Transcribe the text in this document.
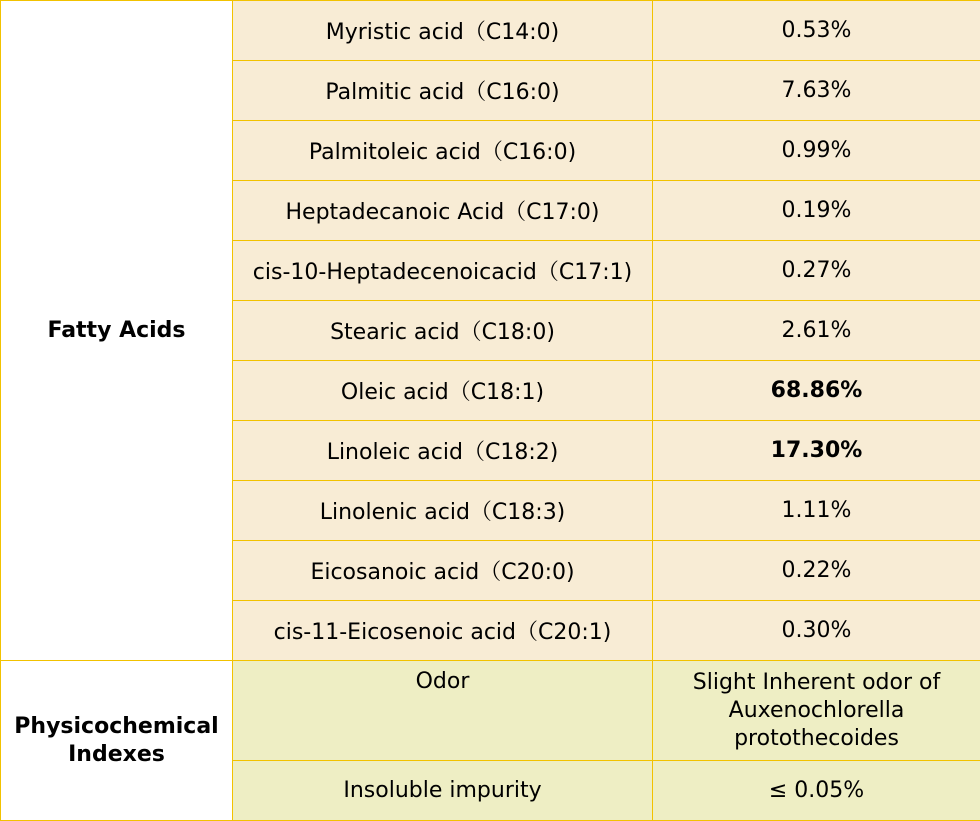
Fatty Acids	Myristic acid（C14:0)	0.53%
	Palmitic acid（C16:0)	7.63%
	Palmitoleic acid（C16:0)	0.99%
	Heptadecanoic Acid（C17:0)	0.19%
	cis-10-Heptadecenoicacid（C17:1)	0.27%
	Stearic acid（C18:0)	2.61%
	Oleic acid（C18:1)	68.86%
	Linoleic acid（C18:2)	17.30%
	Linolenic acid（C18:3)	1.11%
	Eicosanoic acid（C20:0)	0.22%
	cis-11-Eicosenoic acid（C20:1)	0.30%

Physicochemical
Indexes	Odor	Slight Inherent odor of
Auxenochlorella
protothecoides

	Insoluble impurity	≤ 0.05%
